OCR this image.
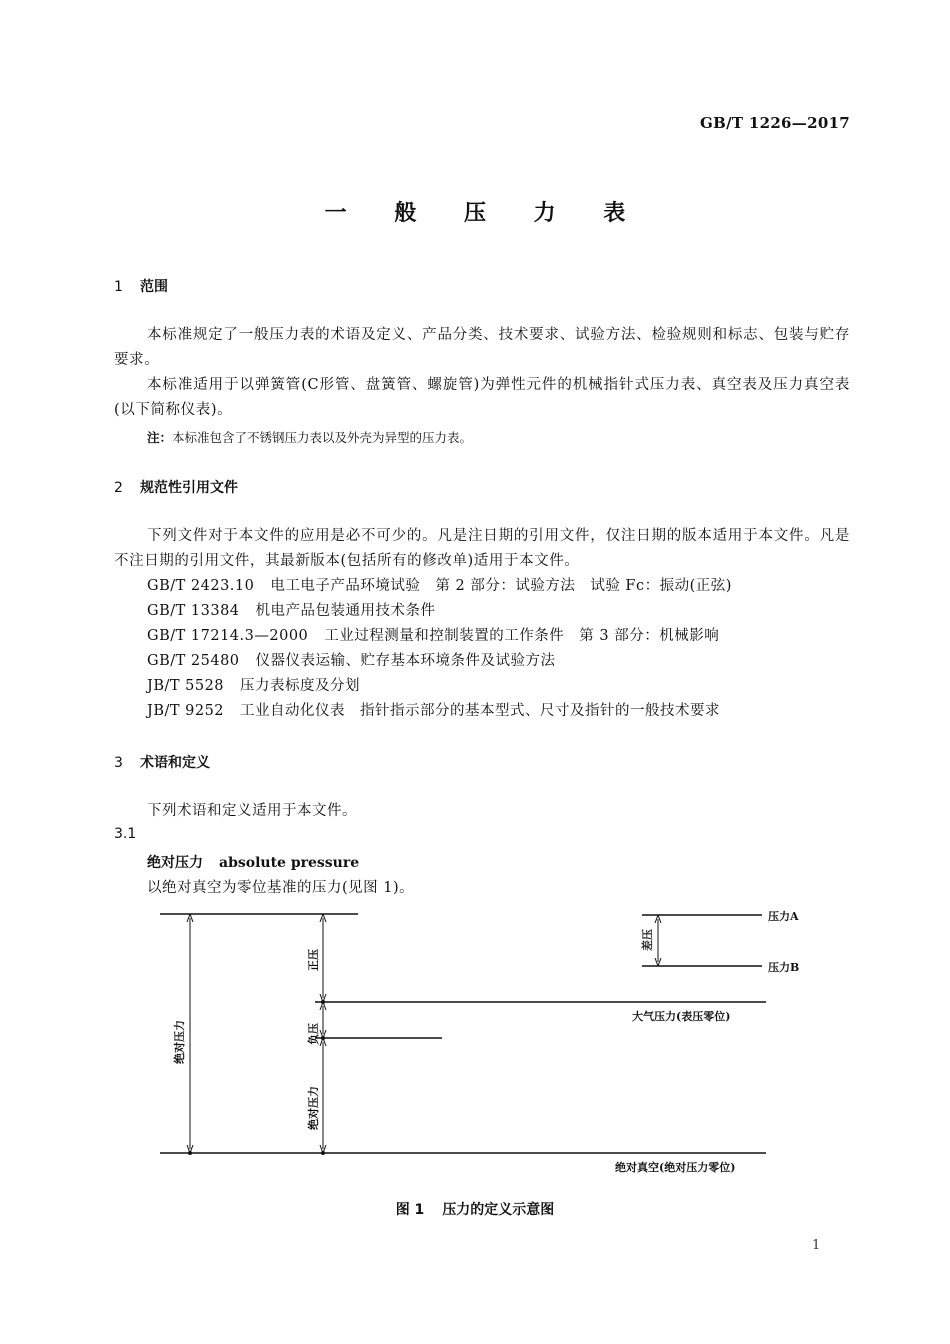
GB/T 1226—2017
一 般 压 力 表
1 范围
本标准规定了一般压力表的术语及定义、产品分类、技术要求、试验方法、检验规则和标志、包装与贮存要求。
本标准适用于以弹簧管(C形管、盘簧管、螺旋管)为弹性元件的机械指针式压力表、真空表及压力真空表(以下简称仪表)。
注：本标准包含了不锈钢压力表以及外壳为异型的压力表。
2 规范性引用文件
下列文件对于本文件的应用是必不可少的。凡是注日期的引用文件，仅注日期的版本适用于本文件。凡是不注日期的引用文件，其最新版本(包括所有的修改单)适用于本文件。
GB/T 2423.10 电工电子产品环境试验　第 2 部分：试验方法　试验 Fc：振动(正弦)
GB/T 13384 机电产品包装通用技术条件
GB/T 17214.3—2000 工业过程测量和控制装置的工作条件　第 3 部分：机械影响
GB/T 25480 仪器仪表运输、贮存基本环境条件及试验方法
JB/T 5528 压力表标度及分划
JB/T 9252 工业自动化仪表　指针指示部分的基本型式、尺寸及指针的一般技术要求
3 术语和定义
下列术语和定义适用于本文件。
3.1
绝对压力 absolute pressure
以绝对真空为零位基准的压力(见图 1)。
绝对压力
正压
负压
绝对压力
差压
压力A
压力B
大气压力(表压零位)
绝对真空(绝对压力零位)
图 1 压力的定义示意图
1
